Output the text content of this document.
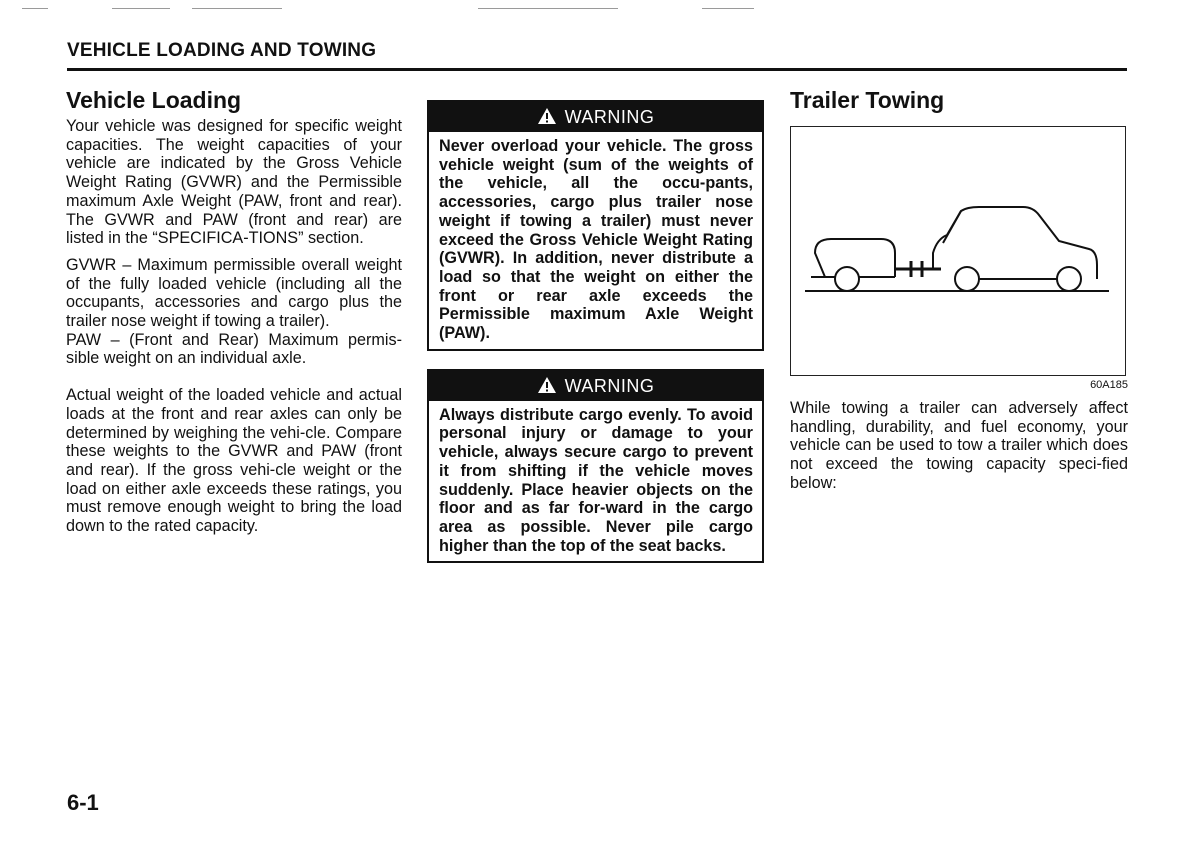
VEHICLE LOADING AND TOWING
Vehicle Loading

Your vehicle was designed for specific weight capacities. The weight capacities of your vehicle are indicated by the Gross Vehicle Weight Rating (GVWR) and the Permissible maximum Axle Weight (PAW, front and rear). The GVWR and PAW (front and rear) are listed in the “SPECIFICA-TIONS” section.

GVWR – Maximum permissible overall weight of the fully loaded vehicle (including all the occupants, accessories and cargo plus the trailer nose weight if towing a trailer).

PAW – (Front and Rear) Maximum permis-sible weight on an individual axle.

Actual weight of the loaded vehicle and actual loads at the front and rear axles can only be determined by weighing the vehi-cle. Compare these weights to the GVWR and PAW (front and rear). If the gross vehi-cle weight or the load on either axle exceeds these ratings, you must remove enough weight to bring the load down to the rated capacity.

WARNING
Never overload your vehicle. The gross vehicle weight (sum of the weights of the vehicle, all the occu-pants, accessories, cargo plus trailer nose weight if towing a trailer) must never exceed the Gross Vehicle Weight Rating (GVWR). In addition, never distribute a load so that the weight on either the front or rear axle exceeds the Permissible maximum Axle Weight (PAW).
WARNING
Always distribute cargo evenly. To avoid personal injury or damage to your vehicle, always secure cargo to prevent it from shifting if the vehicle moves suddenly. Place heavier objects on the floor and as far for-ward in the cargo area as possible. Never pile cargo higher than the top of the seat backs.
Trailer Towing
60A185

While towing a trailer can adversely affect handling, durability, and fuel economy, your vehicle can be used to tow a trailer which does not exceed the towing capacity speci-fied below:

6-1
